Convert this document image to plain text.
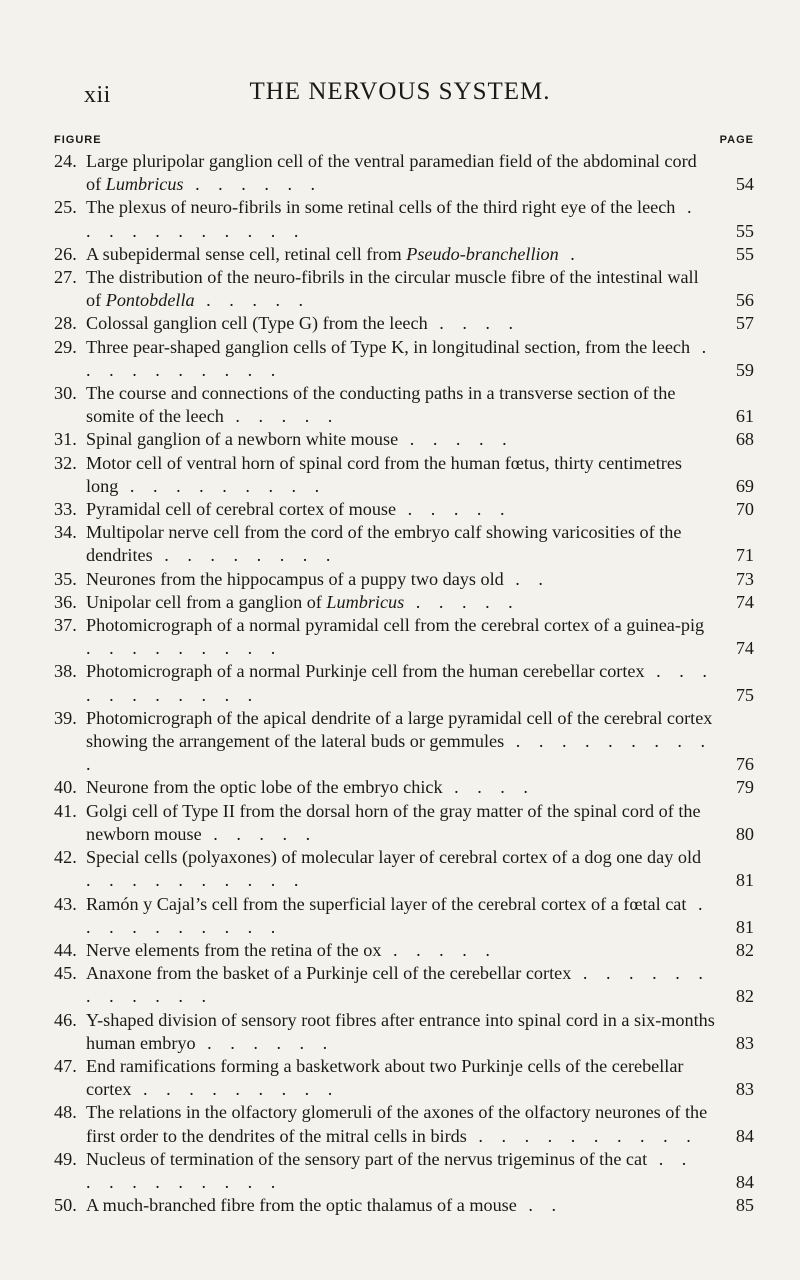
xii	THE NERVOUS SYSTEM.
FIGURE	PAGE
24. Large pluripolar ganglion cell of the ventral paramedian field of the abdominal cord of Lumbricus . . . . . .	54
25. The plexus of neuro-fibrils in some retinal cells of the third right eye of the leech . . . . . . . . . . .	55
26. A subepidermal sense cell, retinal cell from Pseudo-branchellion .	55
27. The distribution of the neuro-fibrils in the circular muscle fibre of the intestinal wall of Pontobdella . . . . .	56
28. Colossal ganglion cell (Type G) from the leech . . . .	57
29. Three pear-shaped ganglion cells of Type K, in longitudinal section, from the leech . . . . . . . . . .	59
30. The course and connections of the conducting paths in a transverse section of the somite of the leech . . . . .	61
31. Spinal ganglion of a newborn white mouse . . . . .	68
32. Motor cell of ventral horn of spinal cord from the human fœtus, thirty centimetres long . . . . . . . . .	69
33. Pyramidal cell of cerebral cortex of mouse . . . . .	70
34. Multipolar nerve cell from the cord of the embryo calf showing varicosities of the dendrites . . . . . . . .	71
35. Neurones from the hippocampus of a puppy two days old . .	73
36. Unipolar cell from a ganglion of Lumbricus . . . . .	74
37. Photomicrograph of a normal pyramidal cell from the cerebral cortex of a guinea-pig . . . . . . . . .	74
38. Photomicrograph of a normal Purkinje cell from the human cerebellar cortex . . . . . . . . . . .	75
39. Photomicrograph of the apical dendrite of a large pyramidal cell of the cerebral cortex showing the arrangement of the lateral buds or gemmules . . . . . . . . . .	76
40. Neurone from the optic lobe of the embryo chick . . . .	79
41. Golgi cell of Type II from the dorsal horn of the gray matter of the spinal cord of the newborn mouse . . . . .	80
42. Special cells (polyaxones) of molecular layer of cerebral cortex of a dog one day old . . . . . . . . . .	81
43. Ramón y Cajal’s cell from the superficial layer of the cerebral cortex of a fœtal cat . . . . . . . . . .	81
44. Nerve elements from the retina of the ox . . . . .	82
45. Anaxone from the basket of a Purkinje cell of the cerebellar cortex . . . . . . . . . . . .	82
46. Y-shaped division of sensory root fibres after entrance into spinal cord in a six-months human embryo . . . . . .	83
47. End ramifications forming a basketwork about two Purkinje cells of the cerebellar cortex . . . . . . . . .	83
48. The relations in the olfactory glomeruli of the axones of the olfactory neurones of the first order to the dendrites of the mitral cells in birds . . . . . . . . . .	84
49. Nucleus of termination of the sensory part of the nervus trigeminus of the cat . . . . . . . . . . .	84
50. A much-branched fibre from the optic thalamus of a mouse . .	85
